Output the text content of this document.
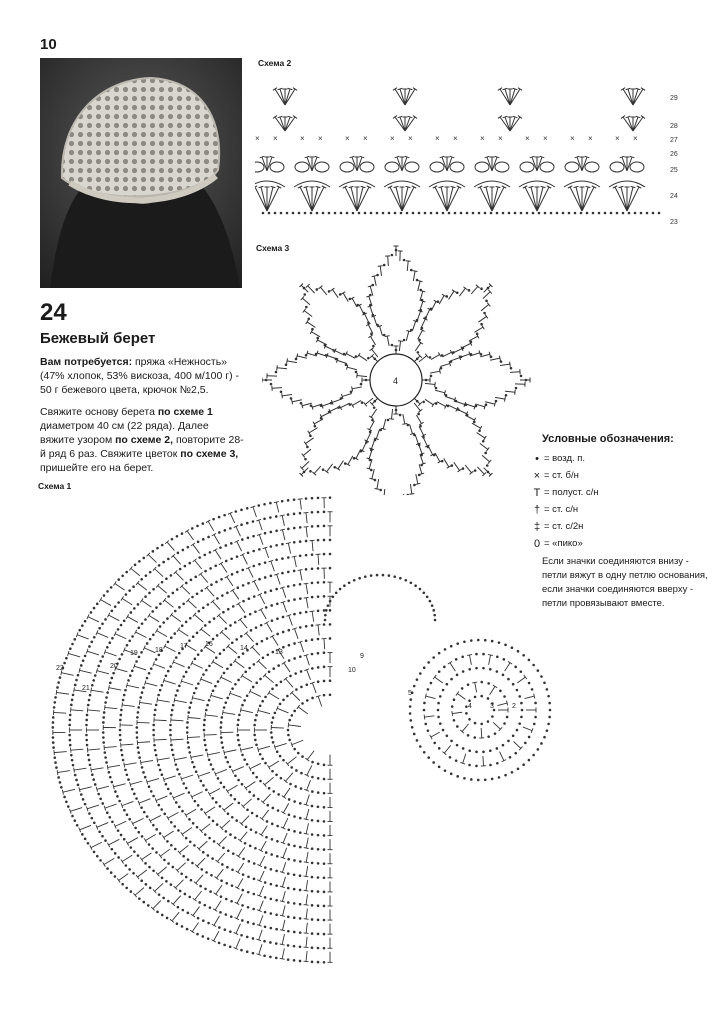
10
24
Бежевый берет
Вам потребуется: пряжа «Нежность» (47% хлопок, 53% вискоза, 400 м/100 г) - 50 г бежевого цвета, крючок №2,5.
Свяжите основу берета по схеме 1 диаметром 40 см (22 ряда). Далее вяжите узором по схеме 2, повторите 28-й ряд 6 раз. Свяжите цветок по схеме 3, пришейте его на берет.
Схема 2
Схема 3
Схема 1
× ×	× ×	× ×	× ×	× ×	× ×	× ×	× ×	× ×
29
28
27
26
25
24
23
4
Условные обозначения:
• = возд. п.
× = ст. б/н
T = полуст. с/н
† = ст. с/н
‡ = ст. с/2н
0 = «пико»
Если значки соединяются внизу - петли вяжут в одну петлю основания, если значки соединяются вверху - петли провязывают вместе.
2
3
4
5
9
10
13
14
16
17
18
19
20
21
22
